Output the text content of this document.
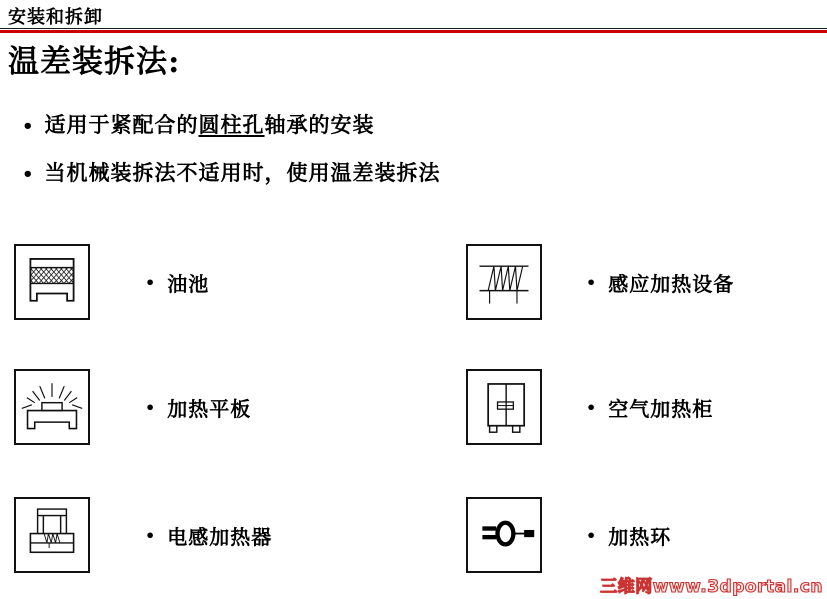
安装和拆卸
温差装拆法:
• 适用于紧配合的圆柱孔轴承的安装
• 当机械装拆法不适用时，使用温差装拆法
• 油池	• 感应加热设备
• 加热平板	• 空气加热柜
• 电感加热器	• 加热环
三维网www.3dportal.cn
